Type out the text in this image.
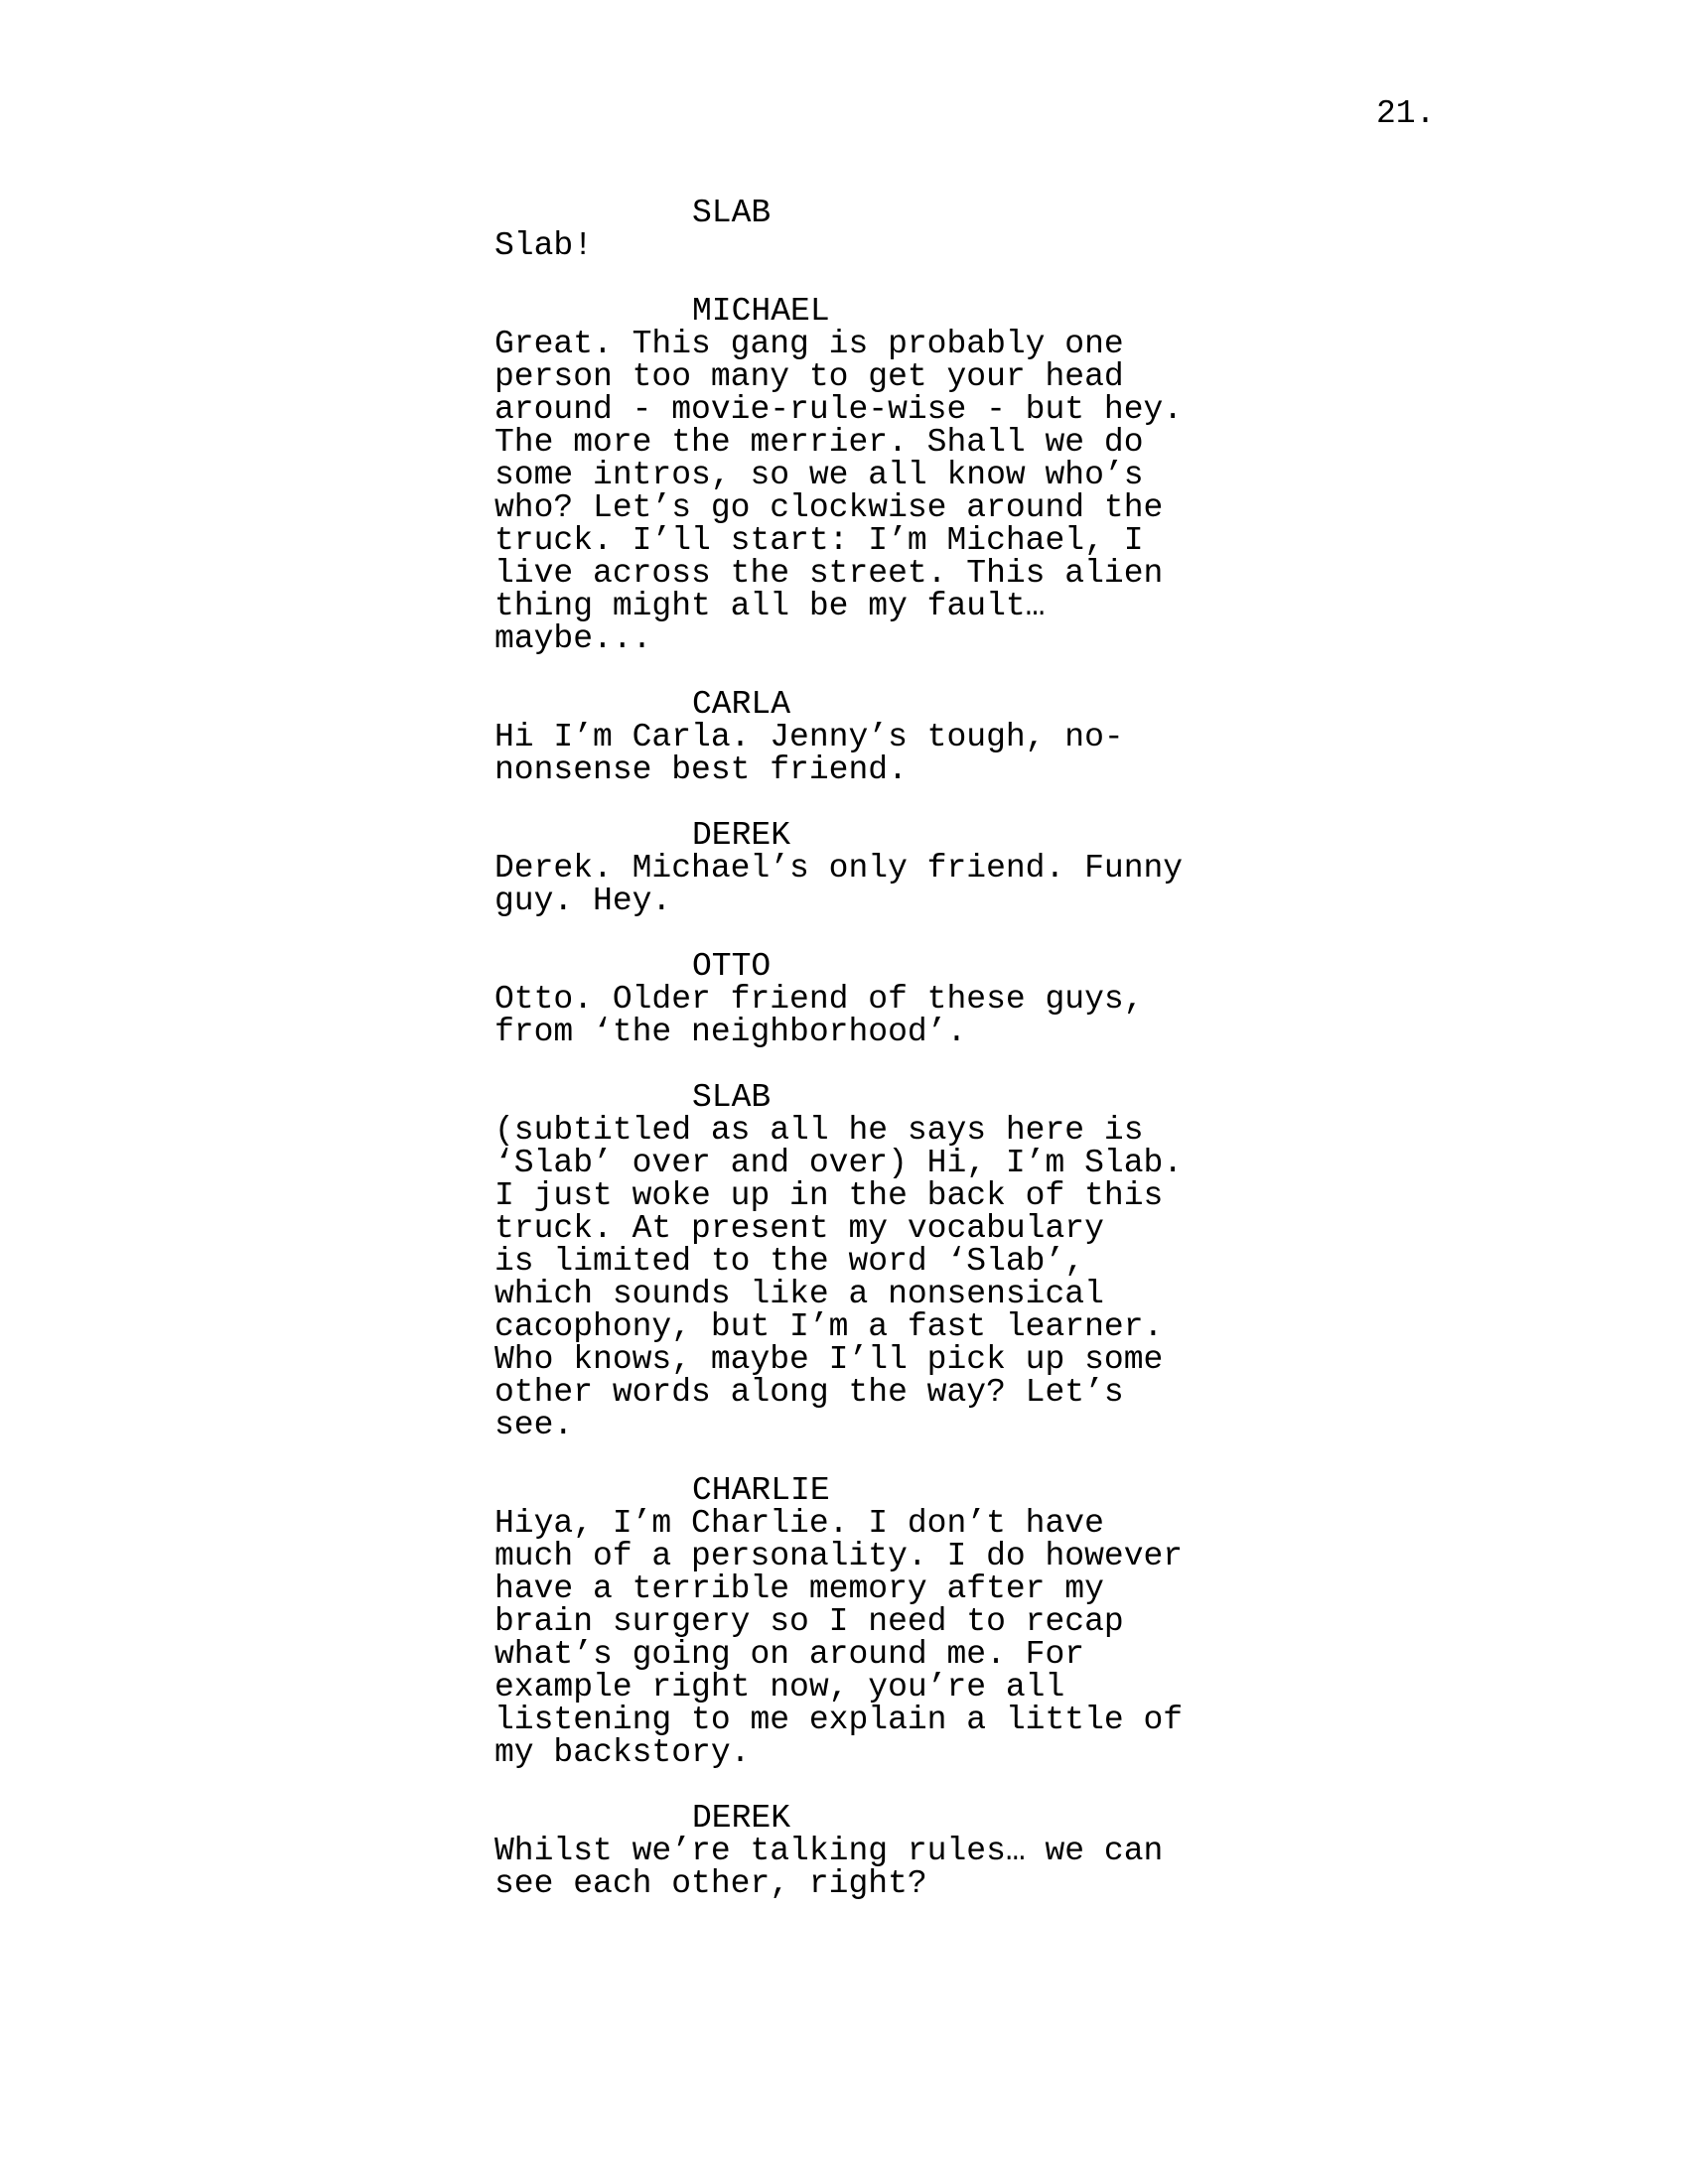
21.
SLAB
Slab!
MICHAEL
Great. This gang is probably one
person too many to get your head
around - movie-rule-wise - but hey.
The more the merrier. Shall we do
some intros, so we all know who’s
who? Let’s go clockwise around the
truck. I’ll start: I’m Michael, I
live across the street. This alien
thing might all be my fault…
maybe...
CARLA
Hi I’m Carla. Jenny’s tough, no-
nonsense best friend.
DEREK
Derek. Michael’s only friend. Funny
guy. Hey.
OTTO
Otto. Older friend of these guys,
from ‘the neighborhood’.
SLAB
(subtitled as all he says here is
‘Slab’ over and over) Hi, I’m Slab.
I just woke up in the back of this
truck. At present my vocabulary
is limited to the word ‘Slab’,
which sounds like a nonsensical
cacophony, but I’m a fast learner.
Who knows, maybe I’ll pick up some
other words along the way? Let’s
see.
CHARLIE
Hiya, I’m Charlie. I don’t have
much of a personality. I do however
have a terrible memory after my
brain surgery so I need to recap
what’s going on around me. For
example right now, you’re all
listening to me explain a little of
my backstory.
DEREK
Whilst we’re talking rules… we can
see each other, right?
